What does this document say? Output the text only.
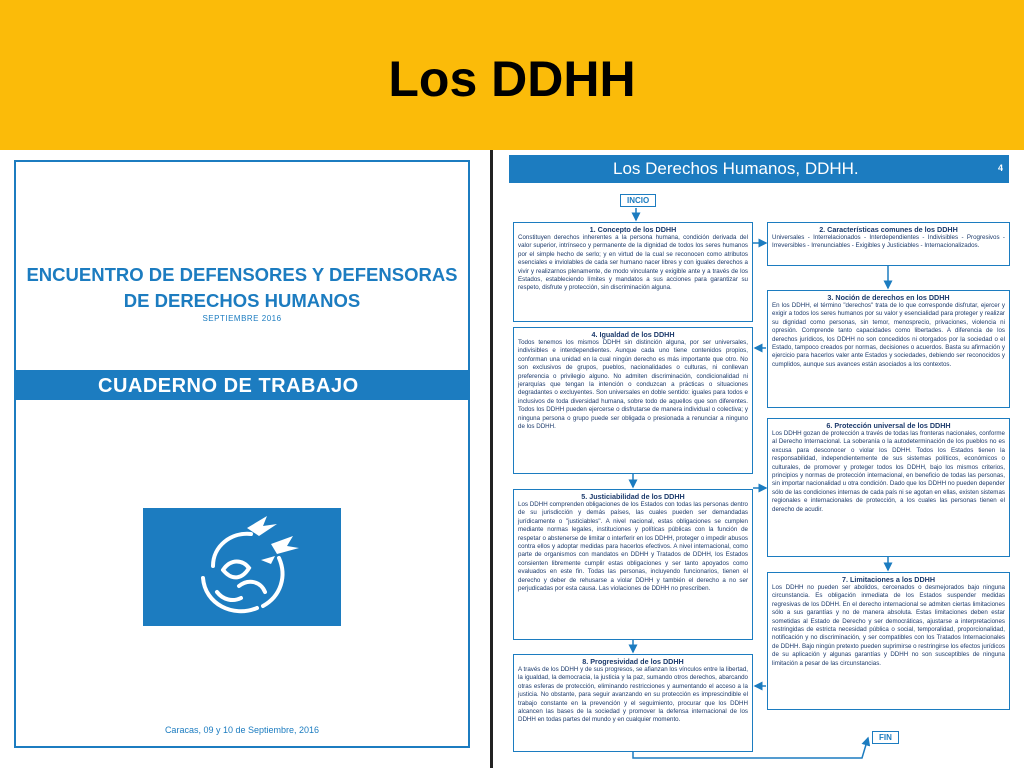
Los DDHH
ENCUENTRO DE DEFENSORES Y DEFENSORAS
DE DERECHOS HUMANOS
SEPTIEMBRE 2016
CUADERNO DE TRABAJO
Caracas, 09 y 10 de Septiembre, 2016
Los Derechos Humanos, DDHH.	4
INCIO
1. Concepto de los DDHH

Constituyen derechos inherentes a la persona humana, condición derivada del valor superior, intrínseco y permanente de la dignidad de todos los seres humanos por el simple hecho de serlo; y en virtud de la cual se reconocen como atributos esenciales e inviolables de cada ser humano nacer libres y con iguales derechos a vivir y realizarnos plenamente, de modo vinculante y exigible ante y a través de los Estados, estableciendo límites y mandatos a sus acciones para garantizar su respeto, disfrute y protección, sin discriminación alguna.

2. Características comunes de los DDHH

Universales - Interrelacionados - Interdependientes - Indivisibles - Progresivos - Irreversibles - Irrenunciables - Exigibles y Justiciables - Internacionalizados.

3. Noción de derechos en los DDHH

En los DDHH, el término "derechos" trata de lo que corresponde disfrutar, ejercer y exigir a todos los seres humanos por su valor y esencialidad para proteger y realizar su dignidad como personas, sin temor, menosprecio, privaciones, violencia ni opresión. Comprende tanto capacidades como libertades. A diferencia de los derechos jurídicos, los DDHH no son concedidos ni otorgados por la sociedad o el Estado, tampoco creados por normas, decisiones o acuerdos. Basta su afirmación y ejercicio para hacerlos valer ante Estados y sociedades, debiendo ser reconocidos y cumplidos, aunque sus avances están asociados a los contextos.

4. Igualdad de los DDHH

Todos tenemos los mismos DDHH sin distinción alguna, por ser universales, indivisibles e interdependientes. Aunque cada uno tiene contenidos propios, conforman una unidad en la cual ningún derecho es más importante que otro. No son exclusivos de grupos, pueblos, nacionalidades o culturas, ni conllevan preferencia o privilegio alguno. No admiten discriminación, condicionalidad ni jerarquías que tengan la intención o conduzcan a prácticas o situaciones degradantes o excluyentes. Son universales en doble sentido: iguales para todos e inclusivos de toda diversidad humana, sobre todo de aquellos que son diferentes. Todos los DDHH pueden ejercerse o disfrutarse de manera individual o colectiva; y ninguna persona o grupo puede ser obligada o presionada a renunciar a ninguno de los DDHH.	6. Protección universal de los DDHH

Los DDHH gozan de protección a través de todas las fronteras nacionales, conforme al Derecho Internacional. La soberanía o la autodeterminación de los pueblos no es excusa para desconocer o violar los DDHH. Todos los Estados tienen la responsabilidad, independientemente de sus sistemas políticos, económicos o culturales, de promover y proteger todos los DDHH, bajo los mismos criterios, principios y normas de protección internacional, en beneficio de todas las personas, sin importar nacionalidad u otra condición. Dado que los DDHH no pueden depender sólo de las condiciones internas de cada país ni se agotan en ellas, existen sistemas regionales e internacionales de protección, a los cuales las personas tienen el derecho de acudir.

5. Justiciabilidad de los DDHH

Los DDHH comprenden obligaciones de los Estados con todas las personas dentro de su jurisdicción y demás países, las cuales pueden ser demandadas jurídicamente o "justiciables". A nivel nacional, estas obligaciones se cumplen mediante normas legales, instituciones y políticas públicas con la función de respetar o abstenerse de limitar o interferir en los DDHH, proteger o impedir abusos contra ellos y adoptar medidas para hacerlos efectivos. A nivel internacional, como parte de organismos con mandatos en DDHH y Tratados de DDHH, los Estados consienten libremente cumplir estas obligaciones y ser tanto apoyados como evaluados en este fin. Todas las personas, incluyendo funcionarios, tienen el derecho y deber de rehusarse a violar DDHH y también el derecho a no ser perjudicadas por esta causa. Las violaciones de DDHH no prescriben.

7. Limitaciones a los DDHH

Los DDHH no pueden ser abolidos, cercenados o desmejorados bajo ninguna circunstancia. Es obligación inmediata de los Estados suspender medidas regresivas de los DDHH. En el derecho internacional se admiten ciertas limitaciones sólo a sus garantías y no de manera absoluta. Estas limitaciones deben estar sometidas al Estado de Derecho y ser democráticas, ajustarse a interpretaciones restringidas de estricta necesidad pública o social, temporalidad, proporcionalidad, notificación y no discriminación, y ser compatibles con los Tratados Internacionales de DDHH. Bajo ningún pretexto pueden suprimirse o restringirse los efectos jurídicos de su aplicación y algunas garantías y DDHH no son susceptibles de ninguna limitación a pesar de las circunstancias.

8. Progresividad de los DDHH

A través de los DDHH y de sus progresos, se afianzan los vínculos entre la libertad, la igualdad, la democracia, la justicia y la paz, sumando otros derechos, abarcando otras esferas de protección, eliminando restricciones y aumentando el acceso a la justicia. No obstante, para seguir avanzando en su protección es imprescindible el trabajo constante en la prevención y el seguimiento, procurar que los DDHH alcancen las bases de la sociedad y promover la defensa internacional de los DDHH en todas partes del mundo y en cualquier momento.

FIN
